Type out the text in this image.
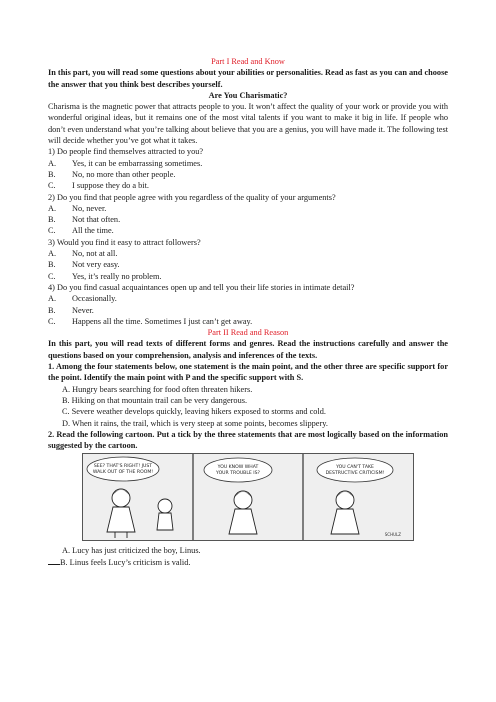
Part I Read and Know

In this part, you will read some questions about your abilities or personalities. Read as fast as you can and choose the answer that you think best describes yourself.

Are You Charismatic?

Charisma is the magnetic power that attracts people to you. It won’t affect the quality of your work or provide you with wonderful original ideas, but it remains one of the most vital talents if you want to make it big in life. If people who don’t even understand what you’re talking about believe that you are a genius, you will have made it. The following test will decide whether you’ve got what it takes.

1) Do people find themselves attracted to you?

A.	Yes, it can be embarrassing sometimes.
B.	No, no more than other people.
C.	I suppose they do a bit.

2) Do you find that people agree with you regardless of the quality of your arguments?

A.	No, never.
B.	Not that often.
C.	All the time.

3) Would you find it easy to attract followers?

A.	No, not at all.
B.	Not very easy.
C.	Yes, it’s really no problem.

4) Do you find casual acquaintances open up and tell you their life stories in intimate detail?

A.	Occasionally.
B.	Never.
C.	Happens all the time. Sometimes I just can’t get away.

Part II Read and Reason

In this part, you will read texts of different forms and genres. Read the instructions carefully and answer the questions based on your comprehension, analysis and inferences of the texts.

1. Among the four statements below, one statement is the main point, and the other three are specific support for the point. Identify the main point with P and the specific support with S.

A. Hungry bears searching for food often threaten hikers.

B. Hiking on that mountain trail can be very dangerous.

C. Severe weather develops quickly, leaving hikers exposed to storms and cold.

D. When it rains, the trail, which is very steep at some points, becomes slippery.

2. Read the following cartoon. Put a tick by the three statements that are most logically based on the information suggested by the cartoon.

SEE? THAT'S RIGHT! JUST
WALK OUT OF THE ROOM!
YOU KNOW WHAT
YOUR TROUBLE IS?
YOU CAN'T TAKE
DESTRUCTIVE CRITICISM!
SCHULZ

A. Lucy has just criticized the boy, Linus.

B. Linus feels Lucy’s criticism is valid.
